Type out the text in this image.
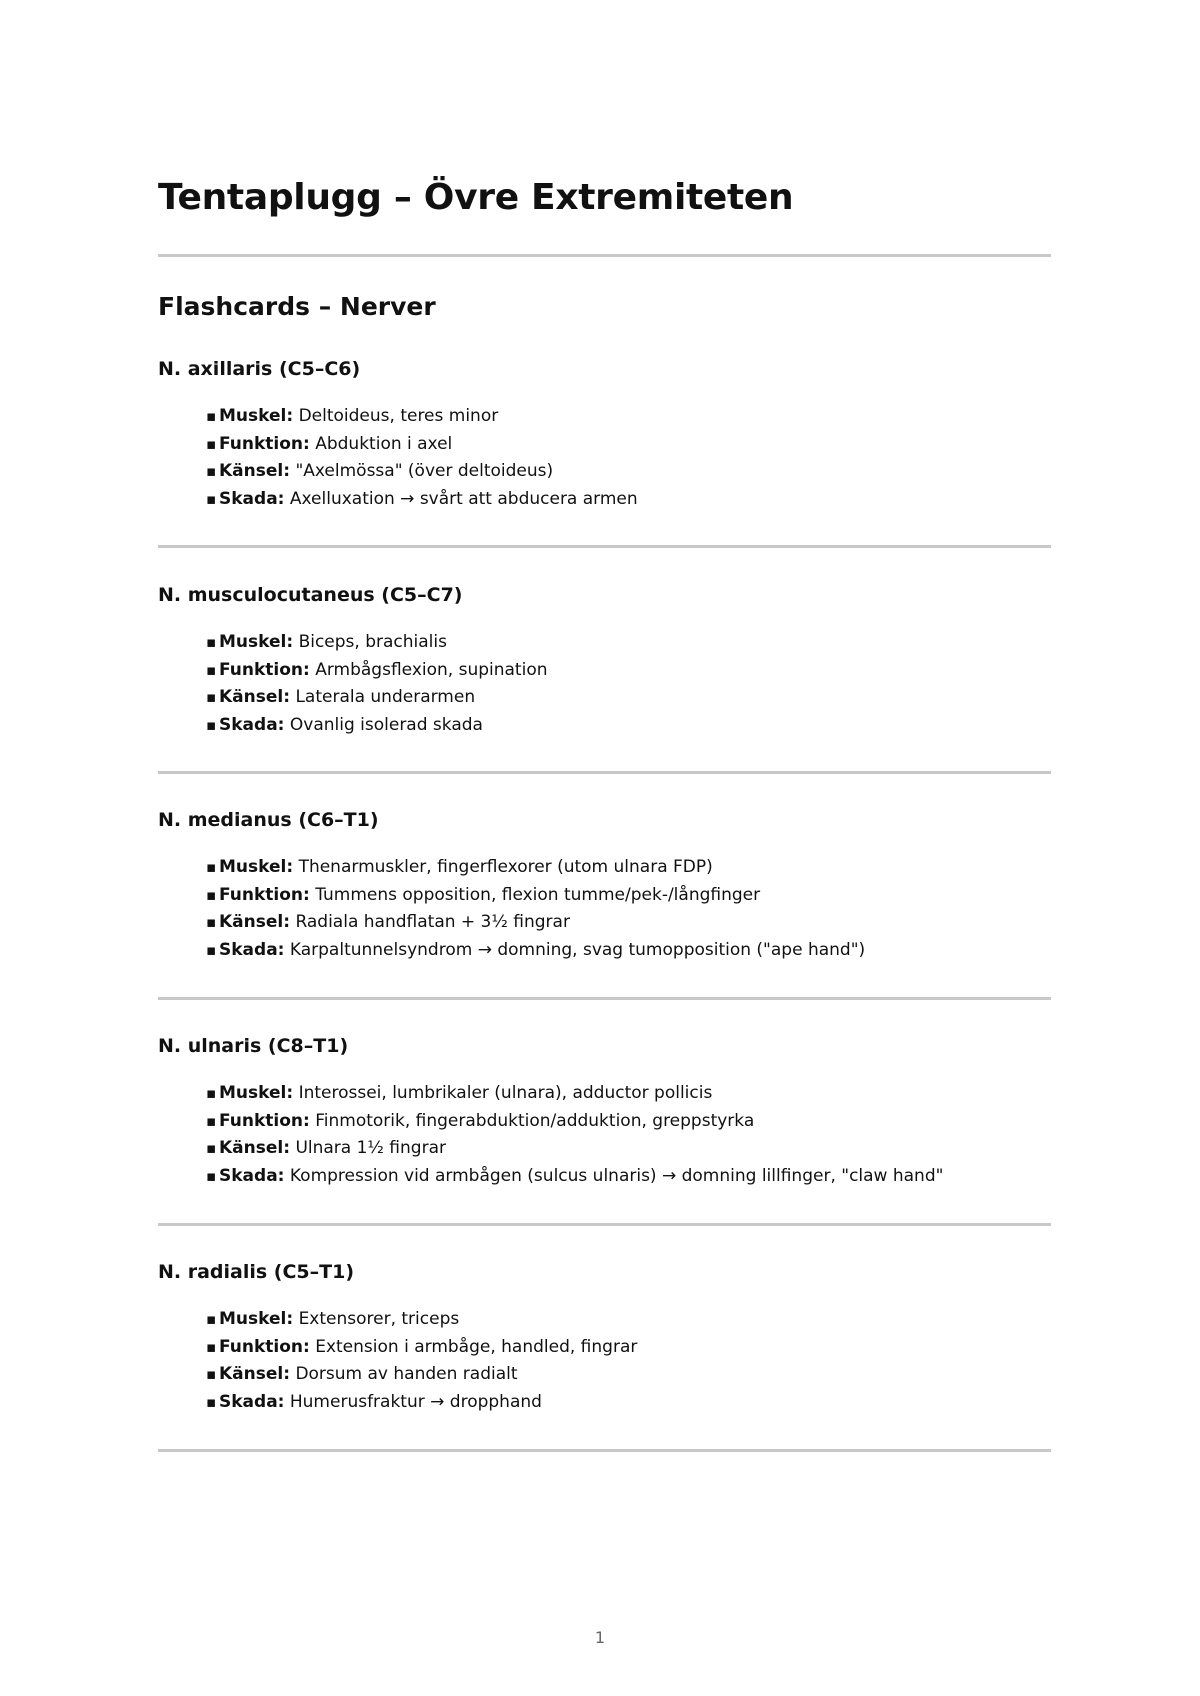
Tentaplugg – Övre Extremiteten
Flashcards – Nerver
N. axillaris (C5–C6)
▪ Muskel: Deltoideus, teres minor
▪ Funktion: Abduktion i axel
▪ Känsel: "Axelmössa" (över deltoideus)
▪ Skada: Axelluxation → svårt att abducera armen
N. musculocutaneus (C5–C7)
▪ Muskel: Biceps, brachialis
▪ Funktion: Armbågsflexion, supination
▪ Känsel: Laterala underarmen
▪ Skada: Ovanlig isolerad skada
N. medianus (C6–T1)
▪ Muskel: Thenarmuskler, fingerflexorer (utom ulnara FDP)
▪ Funktion: Tummens opposition, flexion tumme/pek-/långfinger
▪ Känsel: Radiala handflatan + 3½ fingrar
▪ Skada: Karpaltunnelsyndrom → domning, svag tumopposition ("ape hand")
N. ulnaris (C8–T1)
▪ Muskel: Interossei, lumbrikaler (ulnara), adductor pollicis
▪ Funktion: Finmotorik, fingerabduktion/adduktion, greppstyrka
▪ Känsel: Ulnara 1½ fingrar
▪ Skada: Kompression vid armbågen (sulcus ulnaris) → domning lillfinger, "claw hand"
N. radialis (C5–T1)
▪ Muskel: Extensorer, triceps
▪ Funktion: Extension i armbåge, handled, fingrar
▪ Känsel: Dorsum av handen radialt
▪ Skada: Humerusfraktur → dropphand
1
